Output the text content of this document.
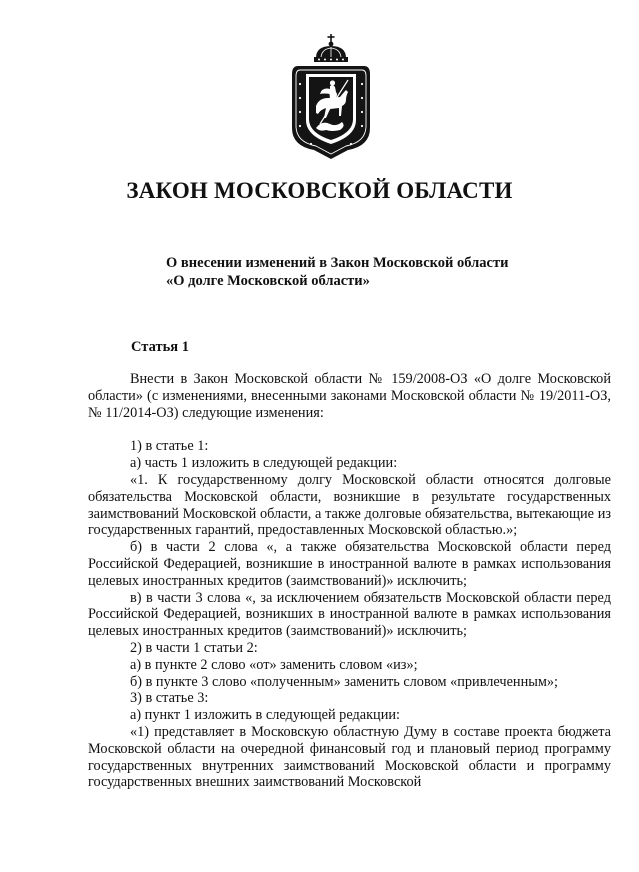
ЗАКОН МОСКОВСКОЙ ОБЛАСТИ
О внесении изменений в Закон Московской области
«О долге Московской области»
Статья 1

Внести в Закон Московской области № 159/2008-ОЗ «О долге Московской области» (с изменениями, внесенными законами Московской области № 19/2011-ОЗ, № 11/2014-ОЗ) следующие изменения:

1) в статье 1:

а) часть 1 изложить в следующей редакции:

«1. К государственному долгу Московской области относятся долговые обязательства Московской области, возникшие в результате государственных заимствований Московской области, а также долговые обязательства, вытекающие из государственных гарантий, предоставленных Московской областью.»;

б) в части 2 слова «, а также обязательства Московской области перед Российской Федерацией, возникшие в иностранной валюте в рамках использования целевых иностранных кредитов (заимствований)» исключить;

в) в части 3 слова «, за исключением обязательств Московской области перед Российской Федерацией, возникших в иностранной валюте в рамках использования целевых иностранных кредитов (заимствований)» исключить;

2) в части 1 статьи 2:

а) в пункте 2 слово «от» заменить словом «из»;

б) в пункте 3 слово «полученным» заменить словом «привлеченным»;

3) в статье 3:

а) пункт 1 изложить в следующей редакции:

«1) представляет в Московскую областную Думу в составе проекта бюджета Московской области на очередной финансовый год и плановый период программу государственных внутренних заимствований Московской области и программу государственных внешних заимствований Московской
